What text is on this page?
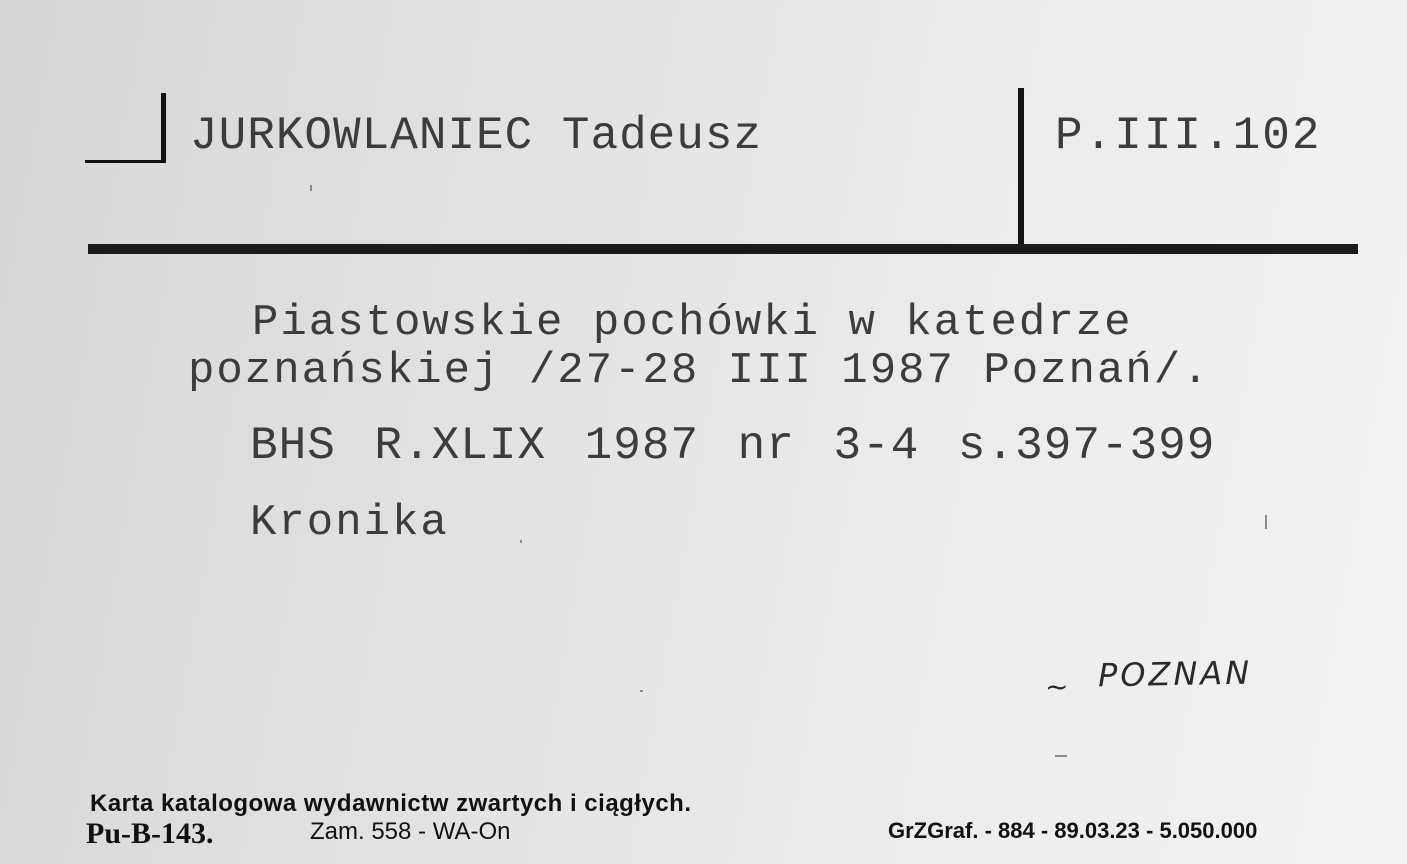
JURKOWLANIEC Tadeusz	P.III.102
Piastowskie pochówki w katedrze
poznańskiej /27-28 III 1987 Poznań/.
BHS R.XLIX 1987 nr 3-4 s.397-399
Kronika
~ POZNAN
Karta katalogowa wydawnictw zwartych i ciągłych.
Pu-B-143.	Zam. 558 - WA-On	GrZGraf. - 884 - 89.03.23 - 5.050.000
